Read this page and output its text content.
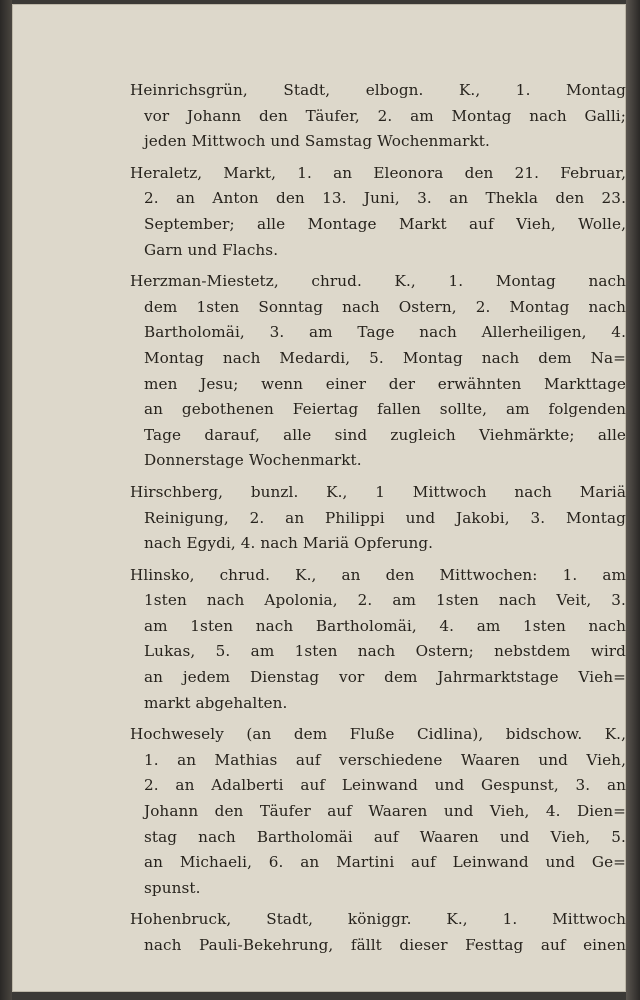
Heinrichsgrün, Stadt, elbogn. K., 1. Montag
vor Johann den Täufer, 2. am Montag nach Galli;
jeden Mittwoch und Samstag Wochenmarkt.
Heraletz, Markt, 1. an Eleonora den 21. Februar,
2. an Anton den 13. Juni, 3. an Thekla den 23.
September; alle Montage Markt auf Vieh, Wolle,
Garn und Flachs.
Herzman-Miestetz, chrud. K., 1. Montag nach
dem 1sten Sonntag nach Ostern, 2. Montag nach
Bartholomäi, 3. am Tage nach Allerheiligen, 4.
Montag nach Medardi, 5. Montag nach dem Na=
men Jesu; wenn einer der erwähnten Markttage
an gebothenen Feiertag fallen sollte, am folgenden
Tage darauf, alle sind zugleich Viehmärkte; alle
Donnerstage Wochenmarkt.
Hirschberg, bunzl. K., 1 Mittwoch nach Mariä
Reinigung, 2. an Philippi und Jakobi, 3. Montag
nach Egydi, 4. nach Mariä Opferung.
Hlinsko, chrud. K., an den Mittwochen: 1. am
1sten nach Apolonia, 2. am 1sten nach Veit, 3.
am 1sten nach Bartholomäi, 4. am 1sten nach
Lukas, 5. am 1sten nach Ostern; nebstdem wird
an jedem Dienstag vor dem Jahrmarktstage Vieh=
markt abgehalten.
Hochwesely (an dem Fluße Cidlina), bidschow. K.,
1. an Mathias auf verschiedene Waaren und Vieh,
2. an Adalberti auf Leinwand und Gespunst, 3. an
Johann den Täufer auf Waaren und Vieh, 4. Dien=
stag nach Bartholomäi auf Waaren und Vieh, 5.
an Michaeli, 6. an Martini auf Leinwand und Ge=
spunst.
Hohenbruck, Stadt, königgr. K., 1. Mittwoch
nach Pauli-Bekehrung, fällt dieser Festtag auf einen
